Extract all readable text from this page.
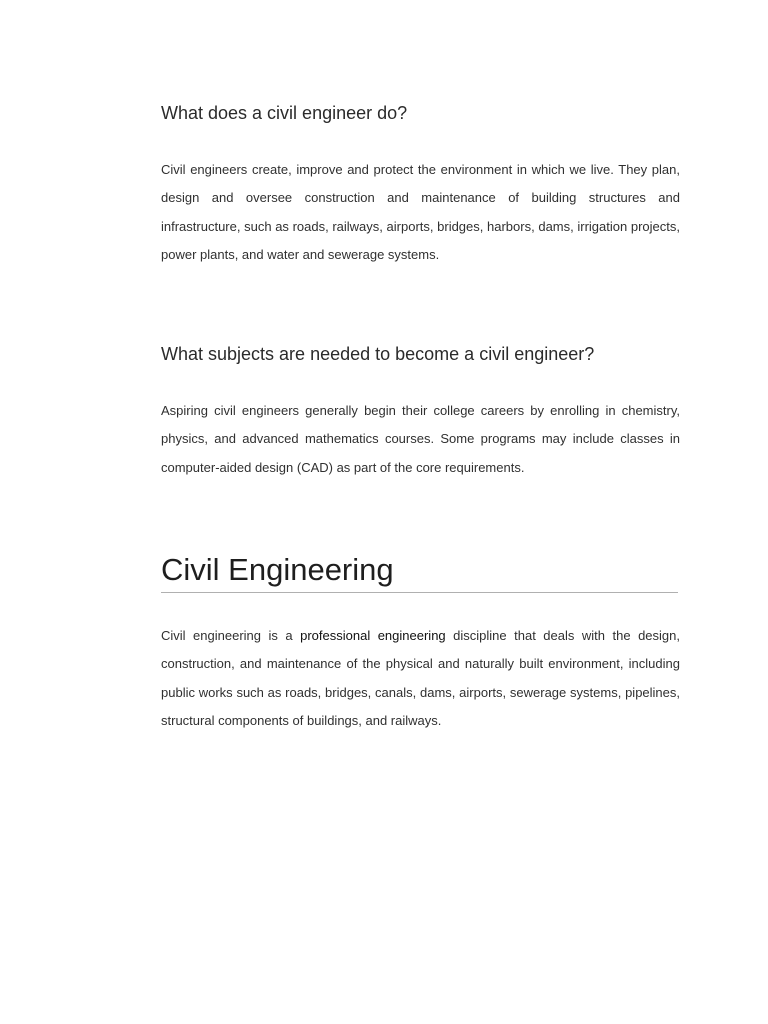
What does a civil engineer do?

Civil engineers create, improve and protect the environment in which we live. They plan, design and oversee construction and maintenance of building structures and infrastructure, such as roads, railways, airports, bridges, harbors, dams, irrigation projects, power plants, and water and sewerage systems.

What subjects are needed to become a civil engineer?

Aspiring civil engineers generally begin their college careers by enrolling in chemistry, physics, and advanced mathematics courses. Some programs may include classes in computer-aided design (CAD) as part of the core requirements.

Civil Engineering

Civil engineering is a professional engineering discipline that deals with the design, construction, and maintenance of the physical and naturally built environment, including public works such as roads, bridges, canals, dams, airports, sewerage systems, pipelines, structural components of buildings, and railways.
